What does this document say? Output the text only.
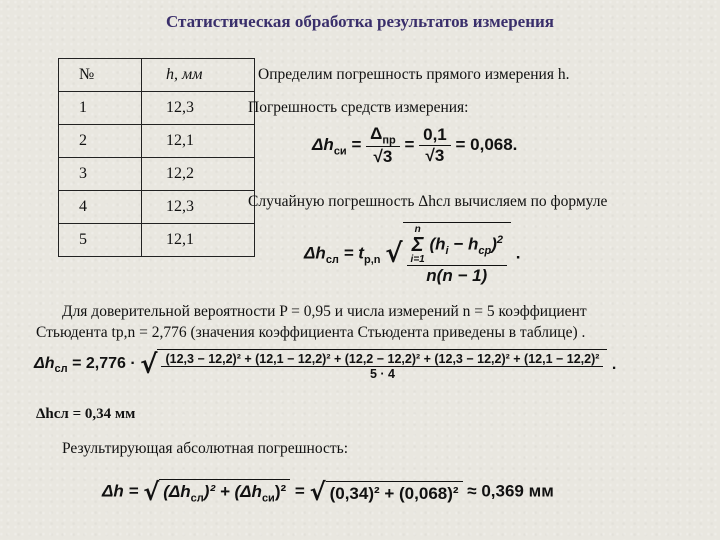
Статистическая обработка результатов измерения
№	h, мм
1	12,3
2	12,1
3	12,2
4	12,3
5	12,1
Определим погрешность прямого измерения h.
Погрешность средств измерения:
$\Delta h_{си} = \frac{\Delta_{пр}}{√3} = \frac{0,1}{√3} = 0,068$.
Случайную погрешность Δhсл вычисляем по формуле
$\Delta h_{сл} = t_{p,n}$ √
n
Σ
i=1 $(h_i - h_{ср})^2$
n(n − 1)
.
Для доверительной вероятности P = 0,95 и числа измерений n = 5 коэффициент
Стьюдента tp,n = 2,776 (значения коэффициента Стьюдента приведены в таблице) .
$\Delta h_{сл} = 2,776$ · √ (12,3 − 12,2)² + (12,1 − 12,2)² + (12,2 − 12,2)² + (12,3 − 12,2)² + (12,1 − 12,2)²
5 · 4
.
Δhсл = 0,34 мм
Результирующая абсолютная погрешность:
Δh = √ $(\Delta h_{сл})^2 + (\Delta h_{си})^2$ = √ (0,34)² + (0,068)² ≈ 0,369 мм
